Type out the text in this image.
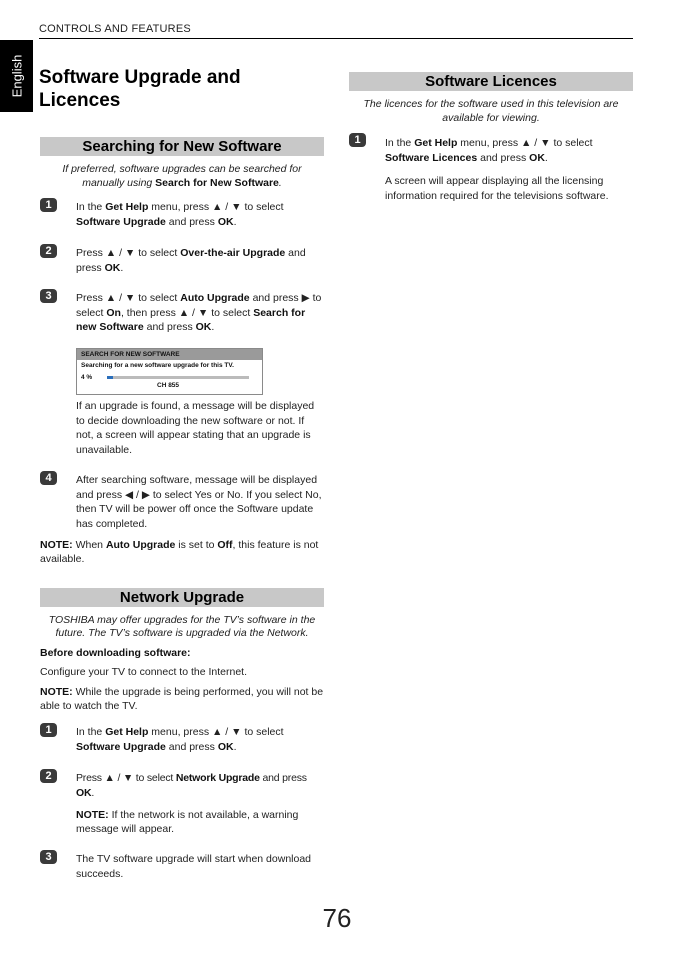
CONTROLS AND FEATURES
English Software Upgrade and Licences
Searching for New Software
If preferred, software upgrades can be searched for manually using Search for New Software.
1	In the Get Help menu, press ▲ / ▼ to select Software Upgrade and press OK.
2	Press ▲ / ▼ to select Over-the-air Upgrade and press OK.
3	Press ▲ / ▼ to select Auto Upgrade and press ▶ to select On, then press ▲ / ▼ to select Search for new Software and press OK.
SEARCH FOR NEW SOFTWARE
Searching for a new software upgrade for this TV.
4 %
CH 855
If an upgrade is found, a message will be displayed to decide downloading the new software or not. If not, a screen will appear stating that an upgrade is unavailable.
4	After searching software, message will be displayed and press ◀ / ▶ to select Yes or No. If you select No, then TV will be power off once the Software update has completed.
NOTE: When Auto Upgrade is set to Off, this feature is not available.
Network Upgrade
TOSHIBA may offer upgrades for the TV’s software in the future. The TV’s software is upgraded via the Network.
Before downloading software:
Configure your TV to connect to the Internet.
NOTE: While the upgrade is being performed, you will not be able to watch the TV.
1	In the Get Help menu, press ▲ / ▼ to select Software Upgrade and press OK.
2	Press ▲ / ▼ to select Network Upgrade and press OK.
NOTE: If the network is not available, a warning message will appear.
3	The TV software upgrade will start when download succeeds.
Software Licences
The licences for the software used in this television are available for viewing.
1	In the Get Help menu, press ▲ / ▼ to select Software Licences and press OK.
A screen will appear displaying all the licensing information required for the televisions software.
76
